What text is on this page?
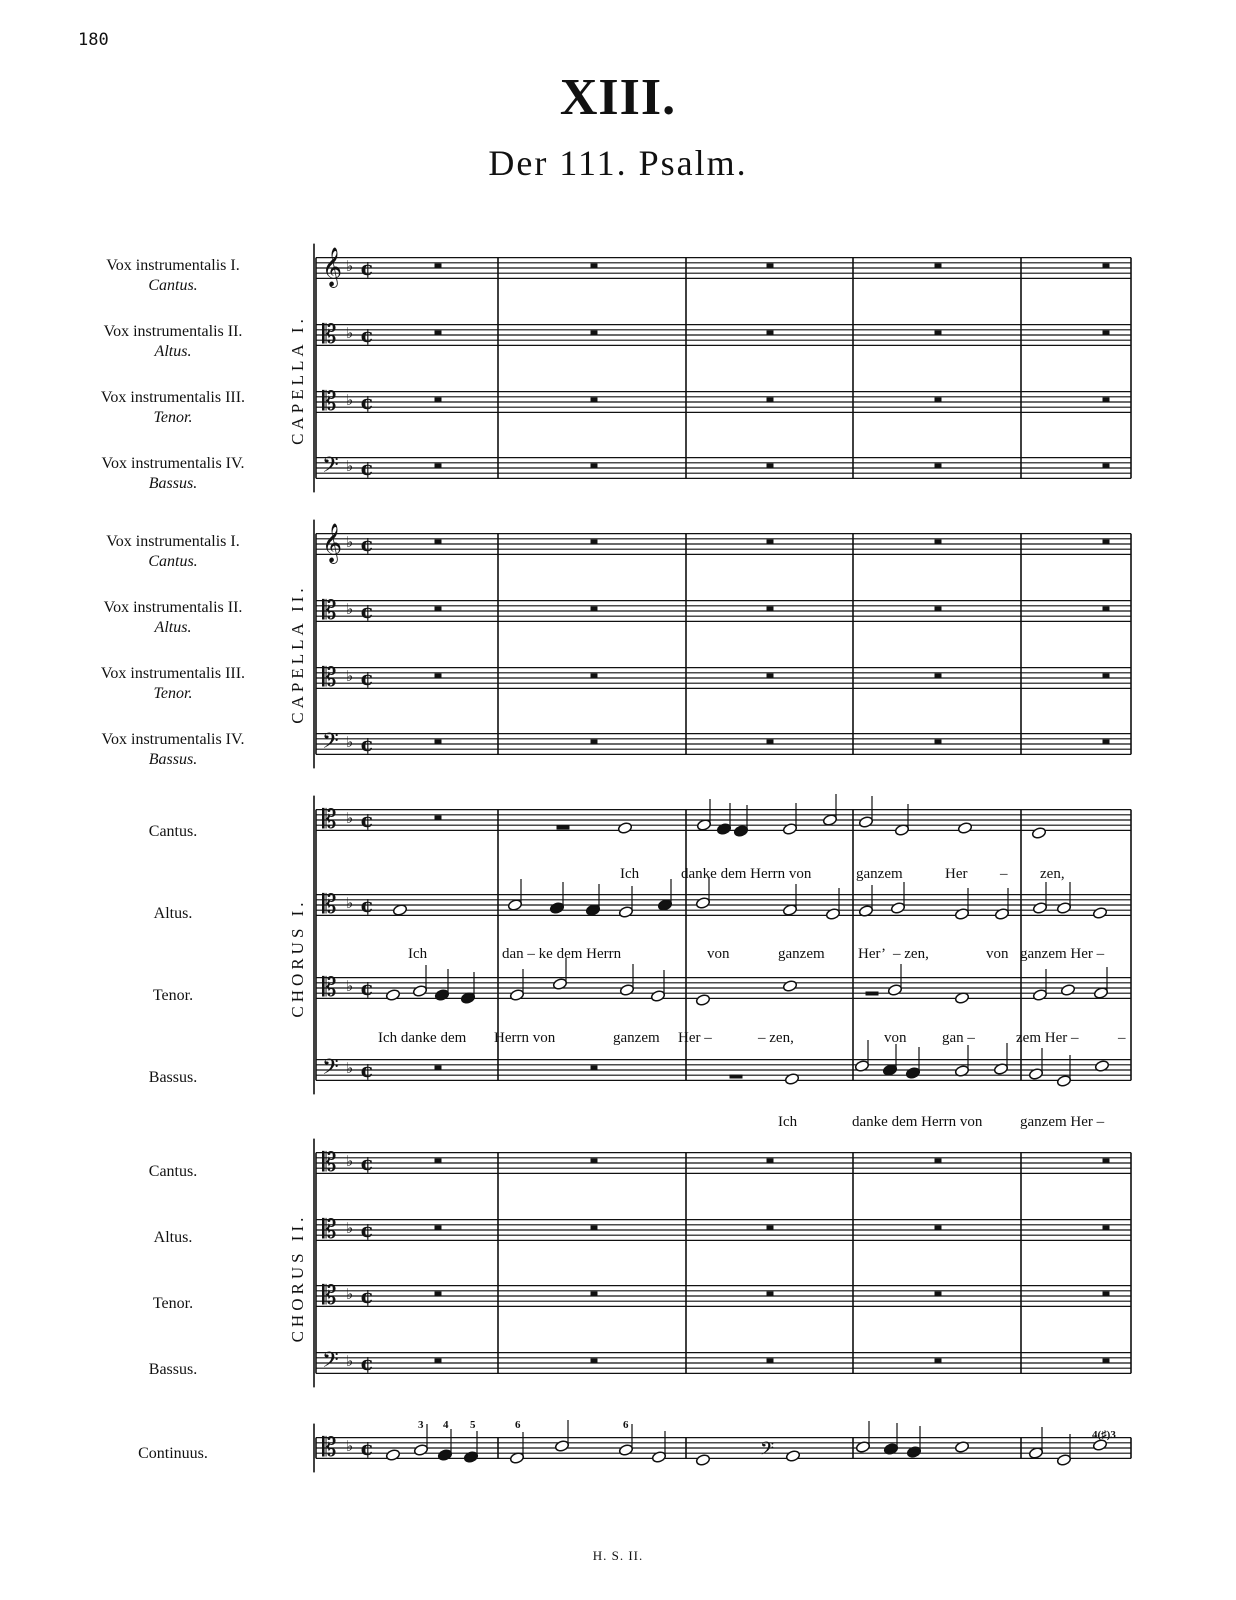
180
XIII.
Der 111. Psalm.
Vox instrumentalis I.
Cantus.
Vox instrumentalis II.
Altus.
Vox instrumentalis III.
Tenor.
Vox instrumentalis IV.
Bassus.
Vox instrumentalis I.
Cantus.
Vox instrumentalis II.
Altus.
Vox instrumentalis III.
Tenor.
Vox instrumentalis IV.
Bassus.
Cantus.
Altus.
Tenor.
Bassus.
Cantus.
Altus.
Tenor.
Bassus.
Continuus.
CAPELLA I.
CAPELLA II.
CHORUS I.
CHORUS II.
𝄞 ♭ ¢
𝄡 ♭ ¢
𝄡 ♭ ¢
𝄢 ♭ ¢
𝄞 ♭ ¢
𝄡 ♭ ¢
𝄡 ♭ ¢
𝄢 ♭ ¢
𝄡 ♭ ¢
𝄡 ♭ ¢
𝄡 ♭ ¢
𝄢 ♭ ¢
𝄡 ♭ ¢
𝄡 ♭ ¢
𝄡 ♭ ¢
𝄢 ♭ ¢
𝄡 ♭ ¢	𝄢
3 4 5	6	6
4(♯)3
Ich	danke dem Herrn von	ganzem	Her – zen,
Ich	dan – ke dem Herrn	von	ganzem Her’ – zen,	von ganzem Her –
Ich danke dem Herrn von	ganzem Her –	– zen,	von gan –	zem Her –	–
Ich	danke dem Herrn von	ganzem Her –
H. S. II.
